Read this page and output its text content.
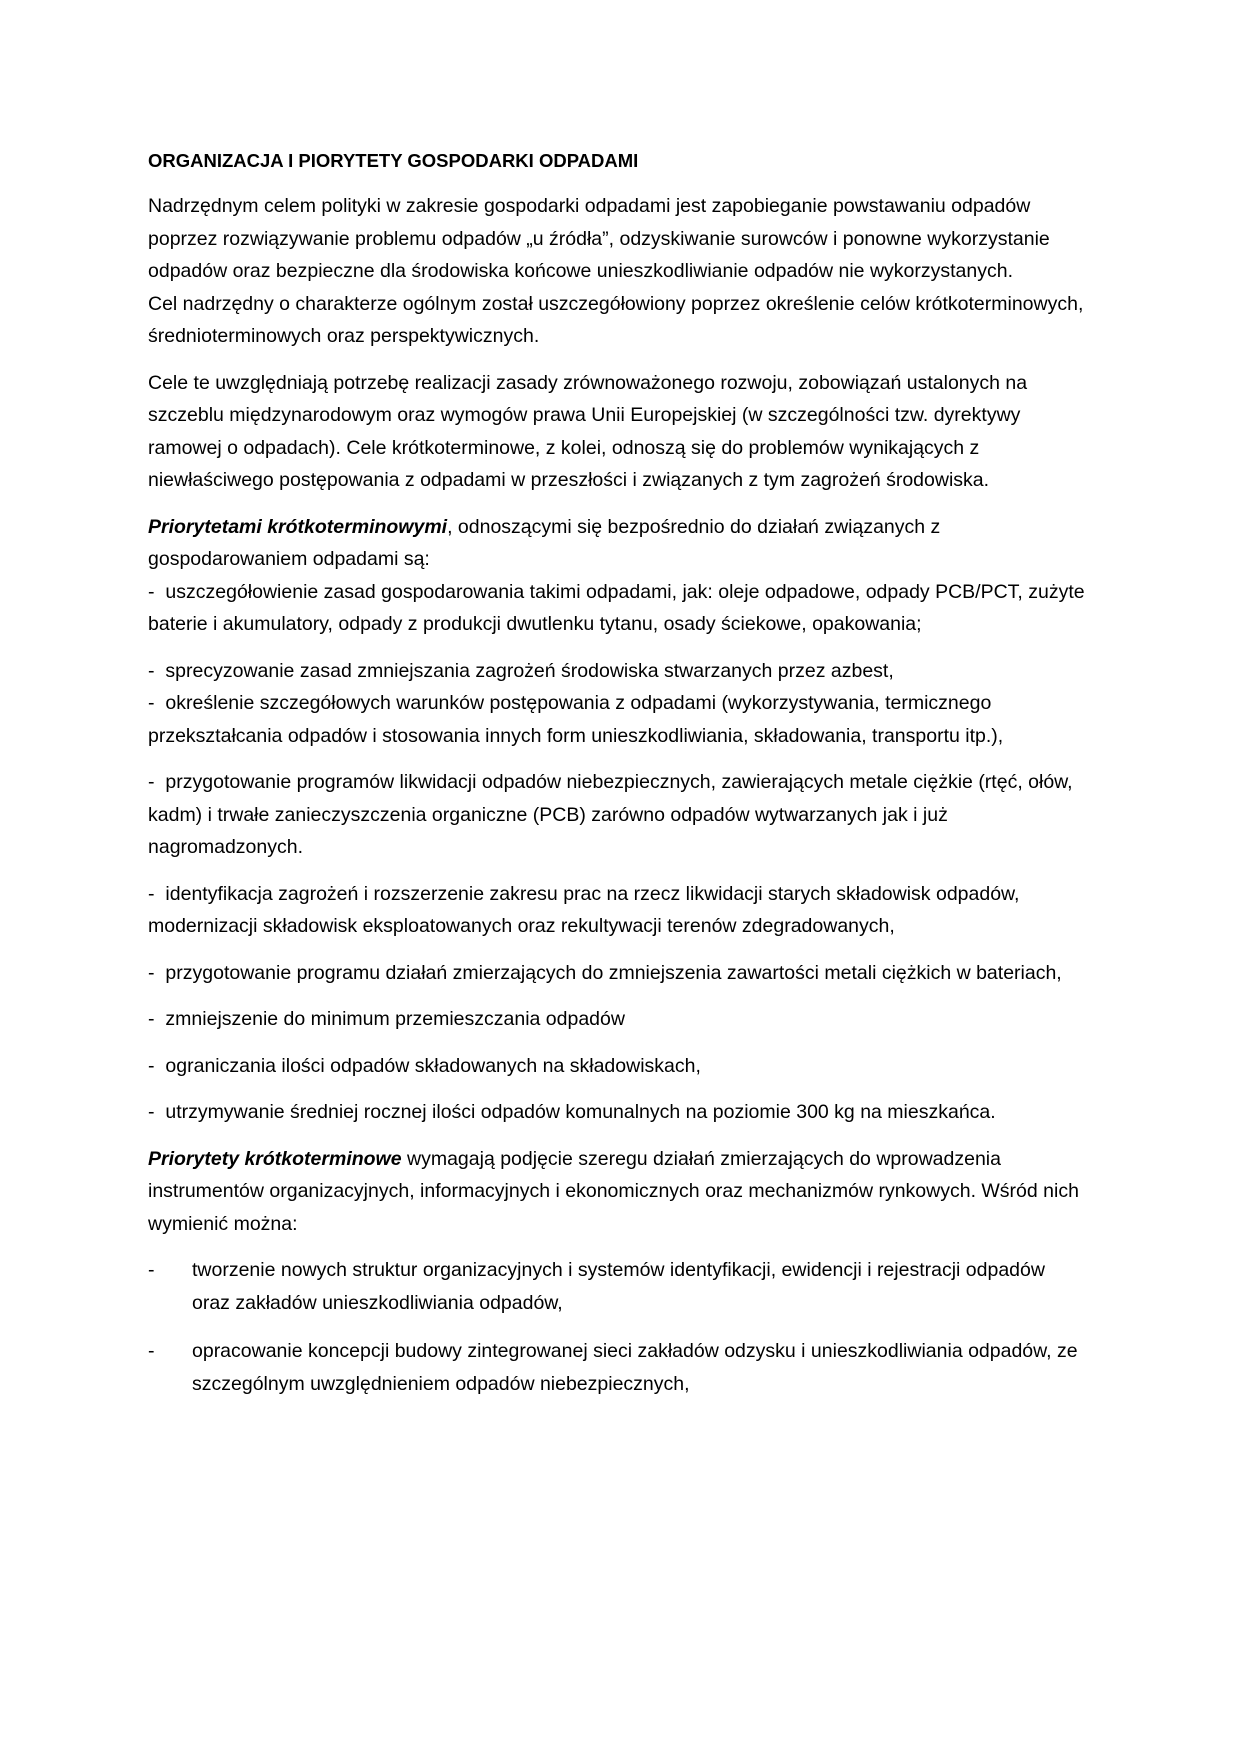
ORGANIZACJA I PIORYTETY GOSPODARKI ODPADAMI
Nadrzędnym celem polityki w zakresie gospodarki odpadami jest zapobieganie powstawaniu odpadów poprzez rozwiązywanie problemu odpadów „u źródła”, odzyskiwanie surowców i ponowne wykorzystanie odpadów oraz bezpieczne dla środowiska końcowe unieszkodliwianie odpadów nie wykorzystanych.
Cel nadrzędny o charakterze ogólnym został uszczegółowiony poprzez określenie celów krótkoterminowych, średnioterminowych oraz perspektywicznych.
Cele te uwzględniają potrzebę realizacji zasady zrównoważonego rozwoju, zobowiązań ustalonych na szczeblu międzynarodowym oraz wymogów prawa Unii Europejskiej (w szczególności tzw. dyrektywy ramowej o odpadach). Cele krótkoterminowe, z kolei, odnoszą się do problemów wynikających z niewłaściwego postępowania z odpadami w przeszłości i związanych z tym zagrożeń środowiska.
Priorytetami krótkoterminowymi, odnoszącymi się bezpośrednio do działań związanych z gospodarowaniem odpadami są:
- uszczegółowienie zasad gospodarowania takimi odpadami, jak: oleje odpadowe, odpady PCB/PCT, zużyte baterie i akumulatory, odpady z produkcji dwutlenku tytanu, osady ściekowe, opakowania;
- sprecyzowanie zasad zmniejszania zagrożeń środowiska stwarzanych przez azbest,
- określenie szczegółowych warunków postępowania z odpadami (wykorzystywania, termicznego przekształcania odpadów i stosowania innych form unieszkodliwiania, składowania, transportu itp.),
- przygotowanie programów likwidacji odpadów niebezpiecznych, zawierających metale ciężkie (rtęć, ołów, kadm) i trwałe zanieczyszczenia organiczne (PCB) zarówno odpadów wytwarzanych jak i już nagromadzonych.
- identyfikacja zagrożeń i rozszerzenie zakresu prac na rzecz likwidacji starych składowisk odpadów, modernizacji składowisk eksploatowanych oraz rekultywacji terenów zdegradowanych,
- przygotowanie programu działań zmierzających do zmniejszenia zawartości metali ciężkich w bateriach,
- zmniejszenie do minimum przemieszczania odpadów
- ograniczania ilości odpadów składowanych na składowiskach,
- utrzymywanie średniej rocznej ilości odpadów komunalnych na poziomie 300 kg na mieszkańca.
Priorytety krótkoterminowe wymagają podjęcie szeregu działań zmierzających do wprowadzenia instrumentów organizacyjnych, informacyjnych i ekonomicznych oraz mechanizmów rynkowych. Wśród nich wymienić można:
-	tworzenie nowych struktur organizacyjnych i systemów identyfikacji, ewidencji i rejestracji odpadów oraz zakładów unieszkodliwiania odpadów,
-	opracowanie koncepcji budowy zintegrowanej sieci zakładów odzysku i unieszkodliwiania odpadów, ze szczególnym uwzględnieniem odpadów niebezpiecznych,
